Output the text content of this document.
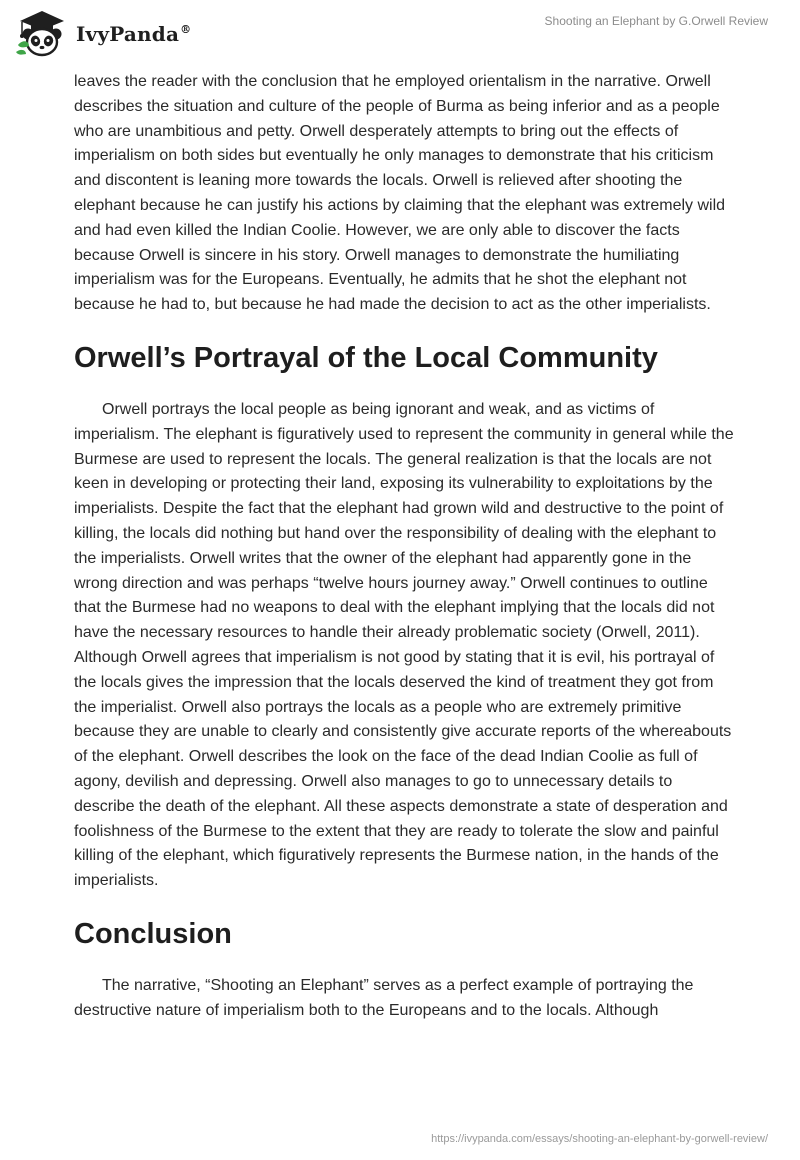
IvyPanda®
Shooting an Elephant by G.Orwell Review

leaves the reader with the conclusion that he employed orientalism in the narrative. Orwell describes the situation and culture of the people of Burma as being inferior and as a people who are unambitious and petty. Orwell desperately attempts to bring out the effects of imperialism on both sides but eventually he only manages to demonstrate that his criticism and discontent is leaning more towards the locals. Orwell is relieved after shooting the elephant because he can justify his actions by claiming that the elephant was extremely wild and had even killed the Indian Coolie. However, we are only able to discover the facts because Orwell is sincere in his story. Orwell manages to demonstrate the humiliating imperialism was for the Europeans. Eventually, he admits that he shot the elephant not because he had to, but because he had made the decision to act as the other imperialists.

Orwell’s Portrayal of the Local Community

Orwell portrays the local people as being ignorant and weak, and as victims of imperialism. The elephant is figuratively used to represent the community in general while the Burmese are used to represent the locals. The general realization is that the locals are not keen in developing or protecting their land, exposing its vulnerability to exploitations by the imperialists. Despite the fact that the elephant had grown wild and destructive to the point of killing, the locals did nothing but hand over the responsibility of dealing with the elephant to the imperialists. Orwell writes that the owner of the elephant had apparently gone in the wrong direction and was perhaps “twelve hours journey away.” Orwell continues to outline that the Burmese had no weapons to deal with the elephant implying that the locals did not have the necessary resources to handle their already problematic society (Orwell, 2011). Although Orwell agrees that imperialism is not good by stating that it is evil, his portrayal of the locals gives the impression that the locals deserved the kind of treatment they got from the imperialist. Orwell also portrays the locals as a people who are extremely primitive because they are unable to clearly and consistently give accurate reports of the whereabouts of the elephant. Orwell describes the look on the face of the dead Indian Coolie as full of agony, devilish and depressing. Orwell also manages to go to unnecessary details to describe the death of the elephant. All these aspects demonstrate a state of desperation and foolishness of the Burmese to the extent that they are ready to tolerate the slow and painful killing of the elephant, which figuratively represents the Burmese nation, in the hands of the imperialists.

Conclusion

The narrative, “Shooting an Elephant” serves as a perfect example of portraying the destructive nature of imperialism both to the Europeans and to the locals. Although

https://ivypanda.com/essays/shooting-an-elephant-by-gorwell-review/
